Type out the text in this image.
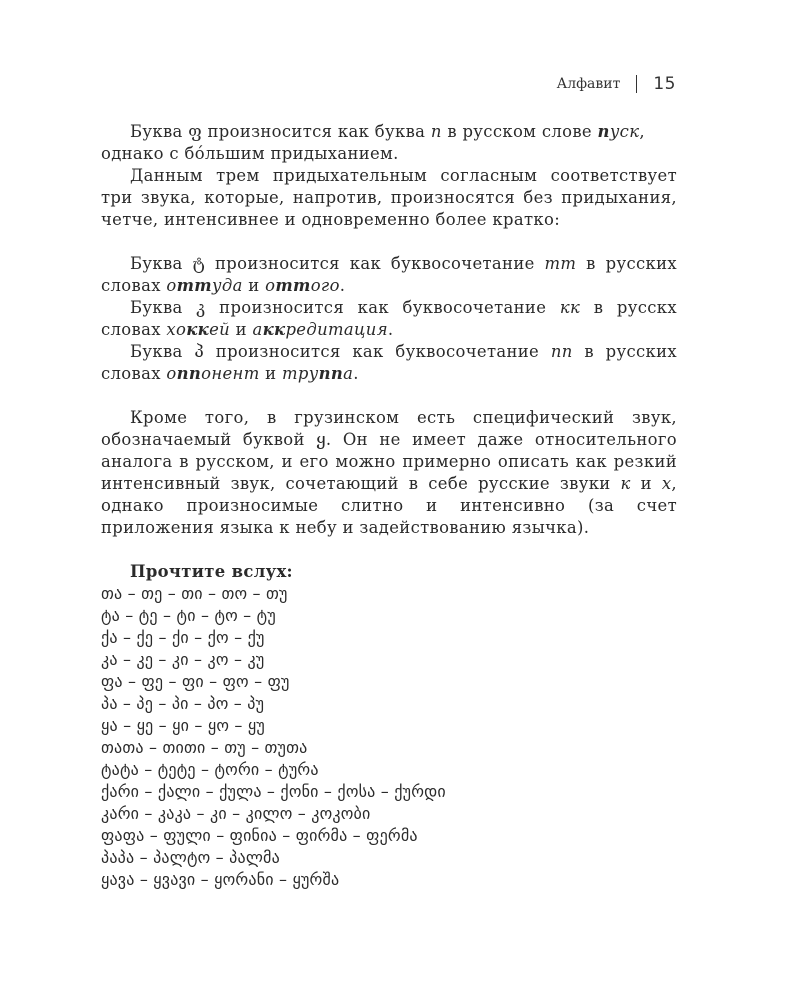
Алфавит 15

Буква ფ произносится как буква п в русском слове пуск,

однако с бóльшим придыханием.

Данным трем придыхательным согласным соответствует три звука, которые, напротив, произносятся без придыхания, четче, интенсивнее и одновременно более кратко:

Буква ტ произносится как буквосочетание тт в русских словах оттуда и оттого.

Буква კ произносится как буквосочетание кк в русскх словах хоккей и аккредитация.

Буква პ произносится как буквосочетание пп в русских словах оппонент и труппа.

Кроме того, в грузинском есть специфический звук, обозначаемый буквой ყ. Он не имеет даже относительного аналога в русском, и его можно примерно описать как резкий интенсивный звук, сочетающий в себе русские звуки к и х, однако произносимые слитно и интенсивно (за счет приложения языка к небу и задействованию язычка).

Прочтите вслух:
თა – თე – თი – თო – თუ
ტა – ტე – ტი – ტო – ტუ
ქა – ქე – ქი – ქო – ქუ
კა – კე – კი – კო – კუ
ფა – ფე – ფი – ფო – ფუ
პა – პე – პი – პო – პუ
ყა – ყე – ყი – ყო – ყუ
თათა – თითი – თუ – თუთა
ტატა – ტეტე – ტორი – ტურა
ქარი – ქალი – ქულა – ქონი – ქოსა – ქურდი
კარი – კაკა – კი – კილო – კოკობი
ფაფა – ფული – ფინია – ფირმა – ფერმა
პაპა – პალტო – პალმა
ყავა – ყვავი – ყორანი – ყურშა
